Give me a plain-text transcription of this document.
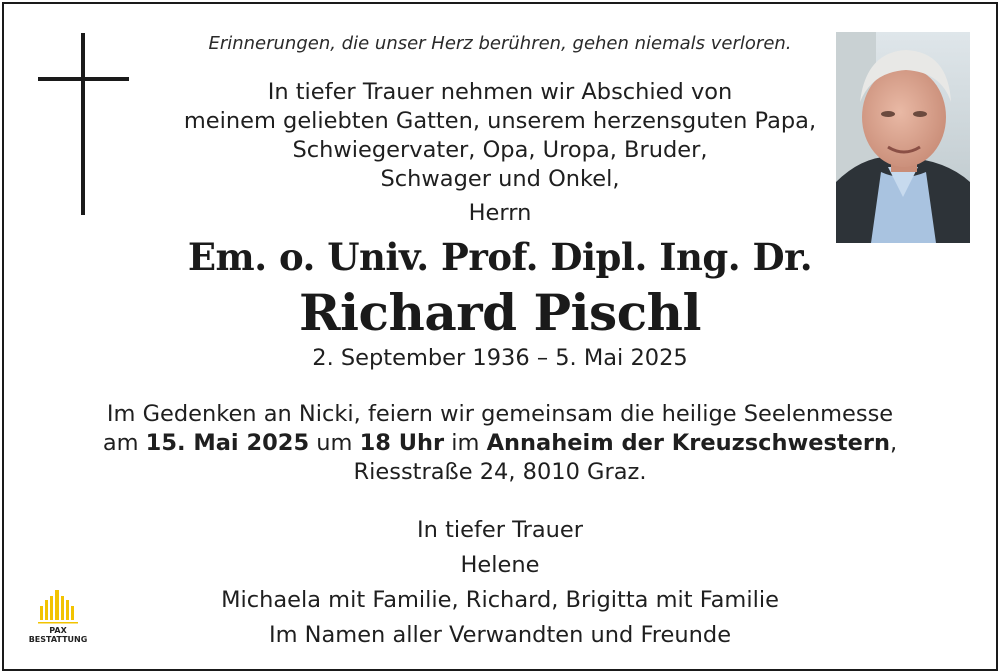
Erinnerungen, die unser Herz berühren, gehen niemals verloren.
In tiefer Trauer nehmen wir Abschied von
meinem geliebten Gatten, unserem herzensguten Papa,
Schwiegervater, Opa, Uropa, Bruder,
Schwager und Onkel,
Herrn
Em. o. Univ. Prof. Dipl. Ing. Dr.
Richard Pischl
2. September 1936 – 5. Mai 2025
Im Gedenken an Nicki, feiern wir gemeinsam die heilige Seelenmesse
am 15. Mai 2025 um 18 Uhr im Annaheim der Kreuzschwestern,
Riesstraße 24, 8010 Graz.
In tiefer Trauer
Helene
Michaela mit Familie, Richard, Brigitta mit Familie
Im Namen aller Verwandten und Freunde
PAX
BESTATTUNG
